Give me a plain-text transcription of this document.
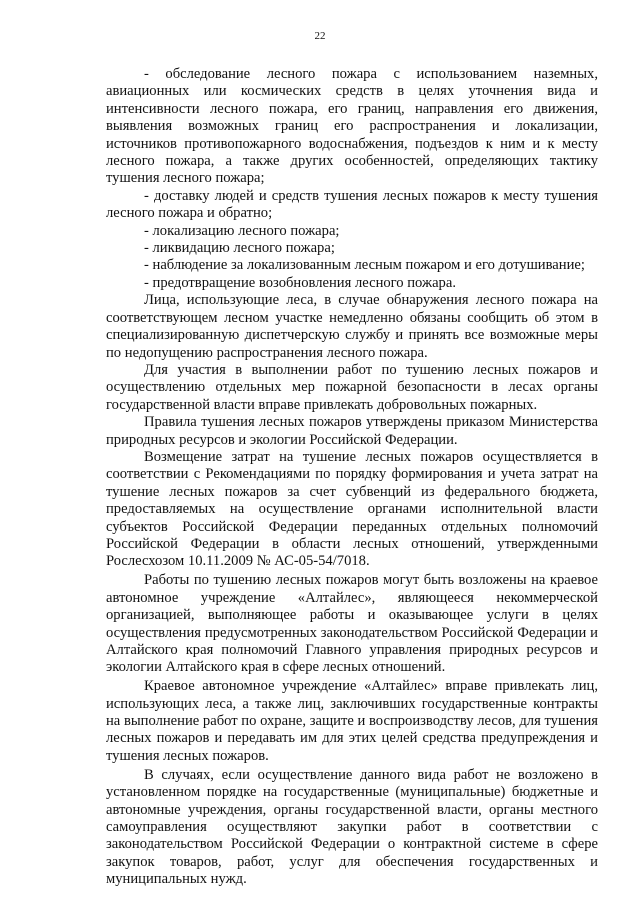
22

- обследование лесного пожара с использованием наземных, авиационных или космических средств в целях уточнения вида и интенсивности лесного пожара, его границ, направления его движения, выявления возможных границ его распространения и локализации, источников противопожарного водоснабжения, подъездов к ним и к месту лесного пожара, а также других особенностей, определяющих тактику тушения лесного пожара;

- доставку людей и средств тушения лесных пожаров к месту тушения лесного пожара и обратно;

- локализацию лесного пожара;

- ликвидацию лесного пожара;

- наблюдение за локализованным лесным пожаром и его дотушивание;

- предотвращение возобновления лесного пожара.

Лица, использующие леса, в случае обнаружения лесного пожара на соответствующем лесном участке немедленно обязаны сообщить об этом в специализированную диспетчерскую службу и принять все возможные меры по недопущению распространения лесного пожара.

Для участия в выполнении работ по тушению лесных пожаров и осуществлению отдельных мер пожарной безопасности в лесах органы государственной власти вправе привлекать добровольных пожарных.

Правила тушения лесных пожаров утверждены приказом Министерства природных ресурсов и экологии Российской Федерации.

Возмещение затрат на тушение лесных пожаров осуществляется в соответствии с Рекомендациями по порядку формирования и учета затрат на тушение лесных пожаров за счет субвенций из федерального бюджета, предоставляемых на осуществление органами исполнительной власти субъектов Российской Федерации переданных отдельных полномочий Российской Федерации в области лесных отношений, утвержденными Рослесхозом 10.11.2009 № АС-05-54/7018.

Работы по тушению лесных пожаров могут быть возложены на краевое автономное учреждение «Алтайлес», являющееся некоммерческой организацией, выполняющее работы и оказывающее услуги в целях осуществления предусмотренных законодательством Российской Федерации и Алтайского края полномочий Главного управления природных ресурсов и экологии Алтайского края в сфере лесных отношений.

Краевое автономное учреждение «Алтайлес» вправе привлекать лиц, использующих леса, а также лиц, заключивших государственные контракты на выполнение работ по охране, защите и воспроизводству лесов, для тушения лесных пожаров и передавать им для этих целей средства предупреждения и тушения лесных пожаров.

В случаях, если осуществление данного вида работ не возложено в установленном порядке на государственные (муниципальные) бюджетные и автономные учреждения, органы государственной власти, органы местного самоуправления осуществляют закупки работ в соответствии с законодательством Российской Федерации о контрактной системе в сфере закупок товаров, работ, услуг для обеспечения государственных и муниципальных нужд.
